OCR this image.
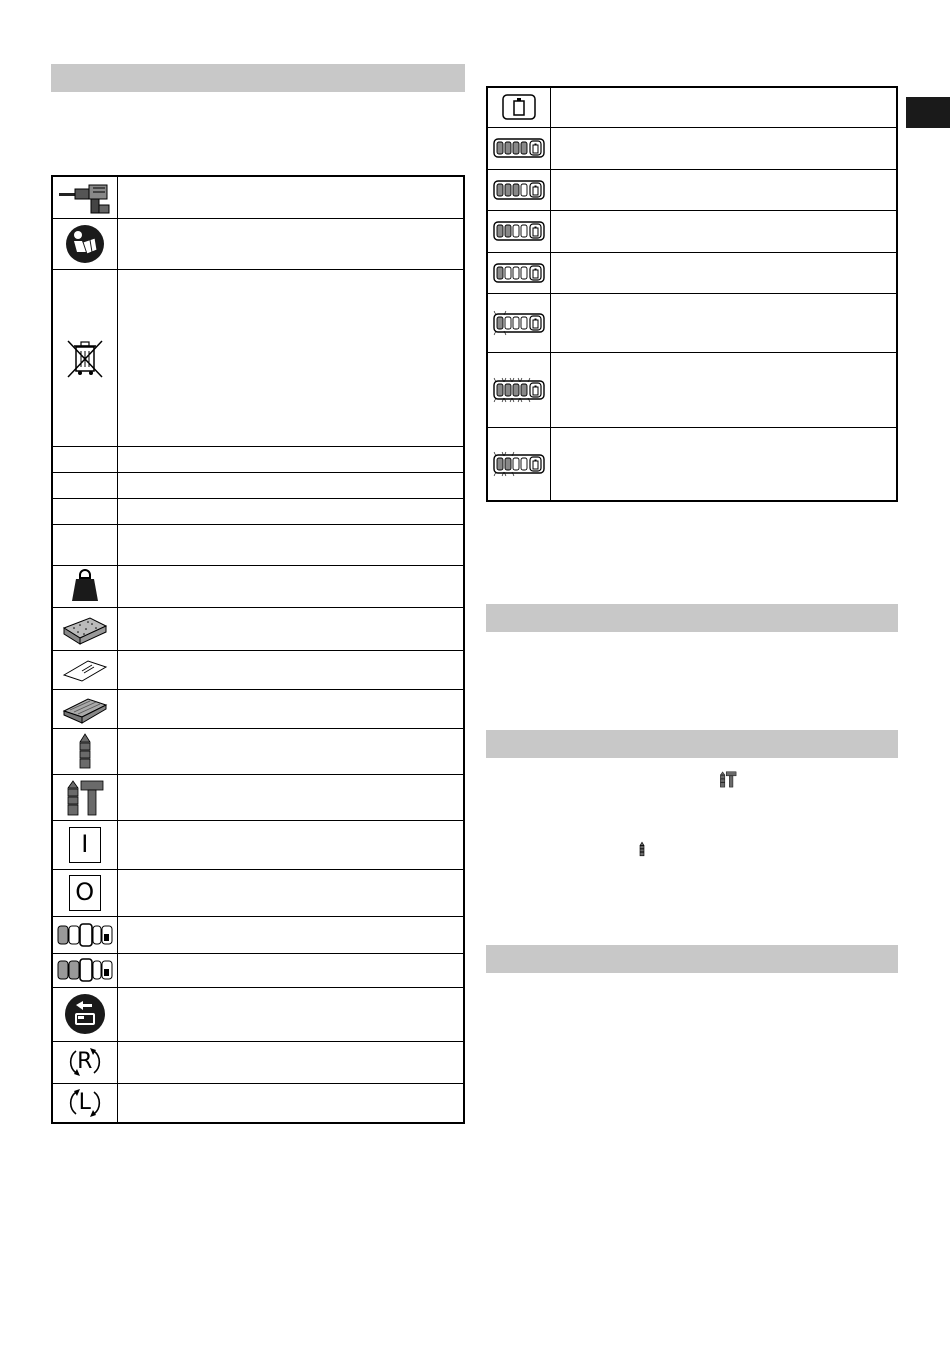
I	

O	

R	

L	
